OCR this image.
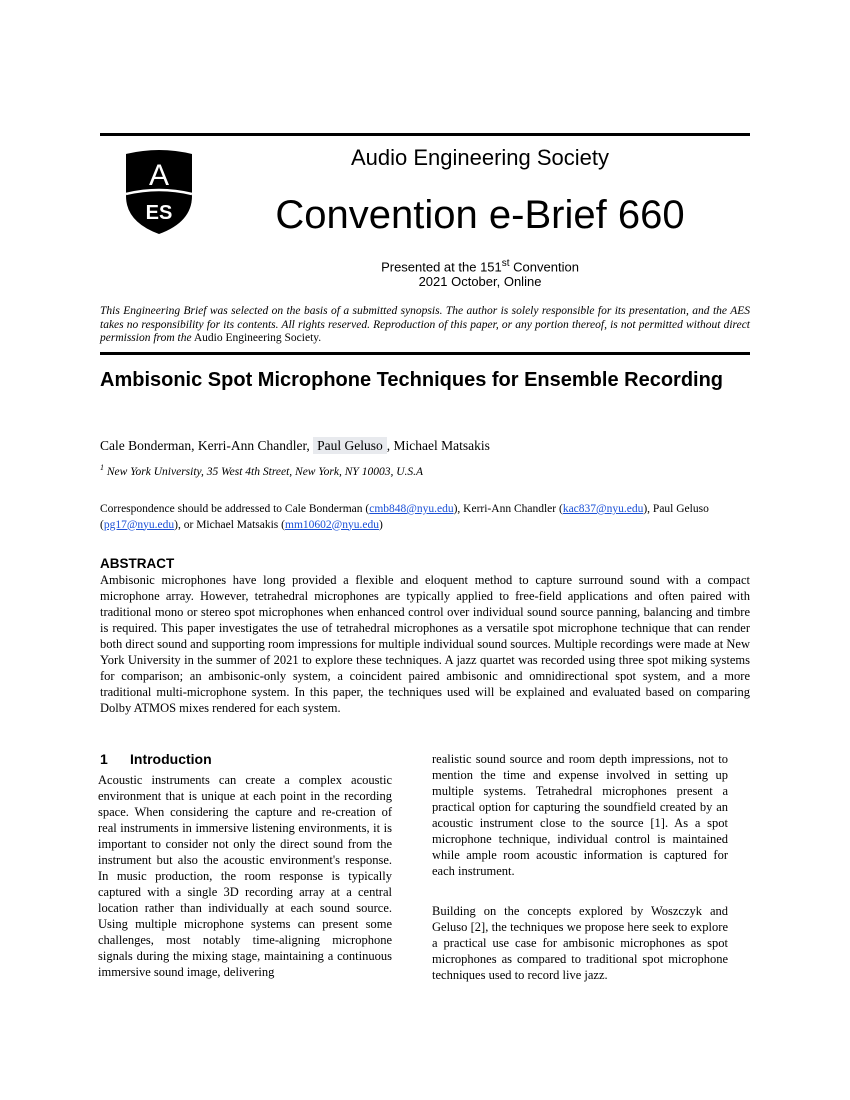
A
ES
Audio Engineering Society
Convention e-Brief 660
Presented at the 151st Convention
2021 October, Online
This Engineering Brief was selected on the basis of a submitted synopsis. The author is solely responsible for its presentation, and the AES takes no responsibility for its contents. All rights reserved. Reproduction of this paper, or any portion thereof, is not permitted without direct permission from the Audio Engineering Society.
Ambisonic Spot Microphone Techniques for Ensemble Recording
Cale Bonderman, Kerri-Ann Chandler, Paul Geluso , Michael Matsakis
$^1$ New York University, 35 West 4th Street, New York, NY 10003, U.S.A
Correspondence should be addressed to Cale Bonderman (cmb848@nyu.edu), Kerri-Ann Chandler (kac837@nyu.edu), Paul Geluso (pg17@nyu.edu), or Michael Matsakis (mm10602@nyu.edu)
ABSTRACT

Ambisonic microphones have long provided a flexible and eloquent method to capture surround sound with a compact microphone array. However, tetrahedral microphones are typically applied to free-field applications and often paired with traditional mono or stereo spot microphones when enhanced control over individual sound source panning, balancing and timbre is required. This paper investigates the use of tetrahedral microphones as a versatile spot microphone technique that can render both direct sound and supporting room impressions for multiple individual sound sources. Multiple recordings were made at New York University in the summer of 2021 to explore these techniques. A jazz quartet was recorded using three spot miking systems for comparison; an ambisonic-only system, a coincident paired ambisonic and omnidirectional spot system, and a more traditional multi-microphone system. In this paper, the techniques used will be explained and evaluated based on comparing Dolby ATMOS mixes rendered for each system.

1 Introduction

Acoustic instruments can create a complex acoustic environment that is unique at each point in the recording space. When considering the capture and re-creation of real instruments in immersive listening environments, it is important to consider not only the direct sound from the instrument but also the acoustic environment's response. In music production, the room response is typically captured with a single 3D recording array at a central location rather than individually at each sound source. Using multiple microphone systems can present some challenges, most notably time-aligning microphone signals during the mixing stage, maintaining a continuous immersive sound image, delivering

realistic sound source and room depth impressions, not to mention the time and expense involved in setting up multiple systems. Tetrahedral microphones present a practical option for capturing the soundfield created by an acoustic instrument close to the source [1]. As a spot microphone technique, individual control is maintained while ample room acoustic information is captured for each instrument.

Building on the concepts explored by Woszczyk and Geluso [2], the techniques we propose here seek to explore a practical use case for ambisonic microphones as spot microphones as compared to traditional spot microphone techniques used to record live jazz.
